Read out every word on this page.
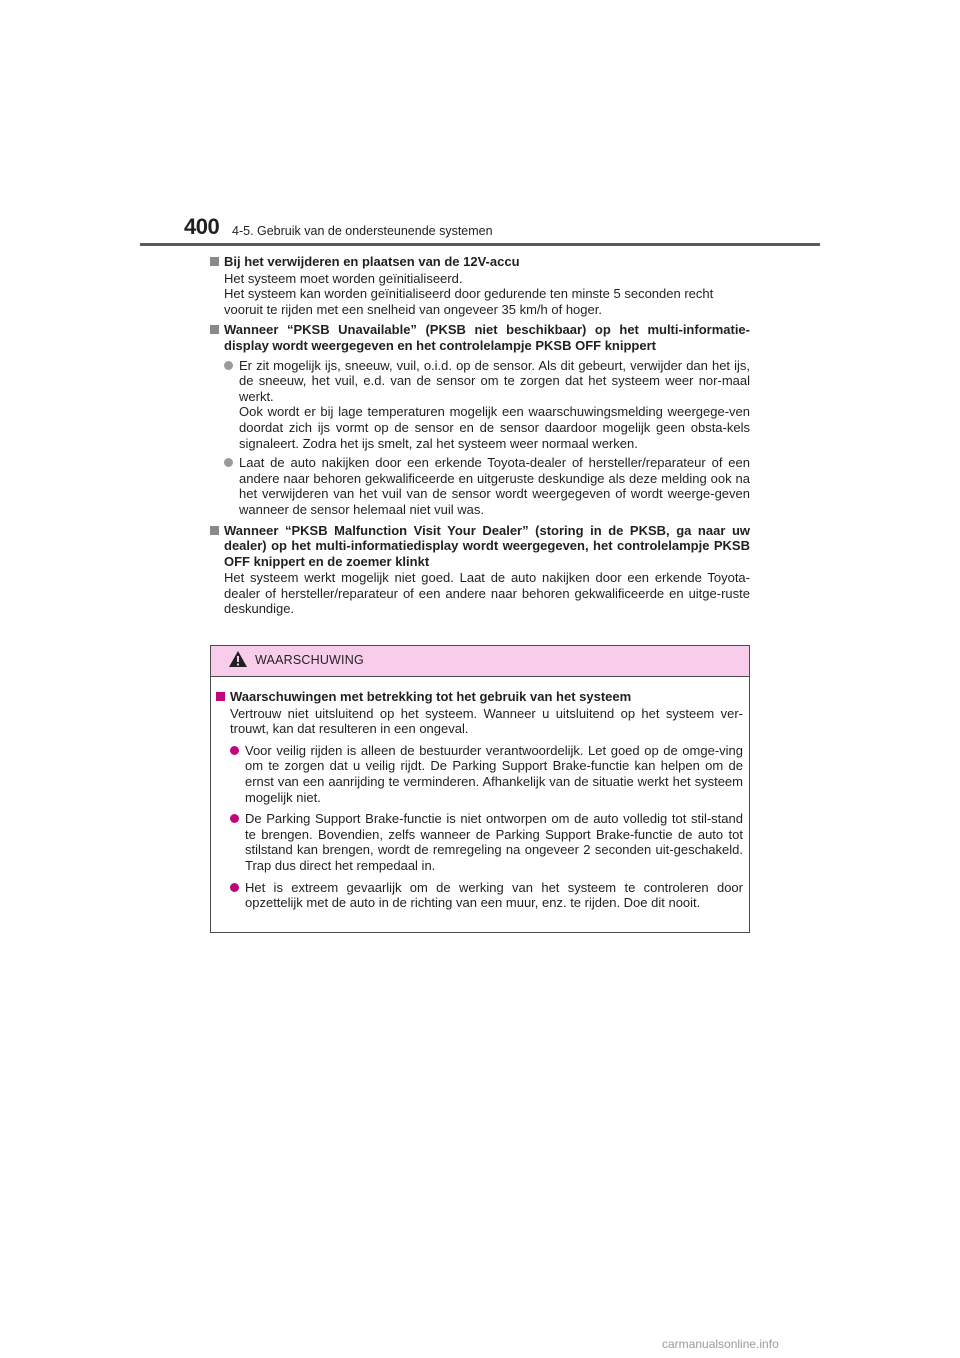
400 4-5. Gebruik van de ondersteunende systemen
Bij het verwijderen en plaatsen van de 12V-accu
Het systeem moet worden geïnitialiseerd.
Het systeem kan worden geïnitialiseerd door gedurende ten minste 5 seconden recht
vooruit te rijden met een snelheid van ongeveer 35 km/h of hoger.
Wanneer “PKSB Unavailable” (PKSB niet beschikbaar) op het multi-informatie-display wordt weergegeven en het controlelampje PKSB OFF knippert
Er zit mogelijk ijs, sneeuw, vuil, o.i.d. op de sensor. Als dit gebeurt, verwijder dan het ijs, de sneeuw, het vuil, e.d. van de sensor om te zorgen dat het systeem weer nor-maal werkt.
Ook wordt er bij lage temperaturen mogelijk een waarschuwingsmelding weergege-ven doordat zich ijs vormt op de sensor en de sensor daardoor mogelijk geen obsta-kels signaleert. Zodra het ijs smelt, zal het systeem weer normaal werken.
Laat de auto nakijken door een erkende Toyota-dealer of hersteller/reparateur of een andere naar behoren gekwalificeerde en uitgeruste deskundige als deze melding ook na het verwijderen van het vuil van de sensor wordt weergegeven of wordt weerge-geven wanneer de sensor helemaal niet vuil was.
Wanneer “PKSB Malfunction Visit Your Dealer” (storing in de PKSB, ga naar uw dealer) op het multi-informatiedisplay wordt weergegeven, het controlelampje PKSB OFF knippert en de zoemer klinkt
Het systeem werkt mogelijk niet goed. Laat de auto nakijken door een erkende Toyota-dealer of hersteller/reparateur of een andere naar behoren gekwalificeerde en uitge-ruste deskundige.
WAARSCHUWING
Waarschuwingen met betrekking tot het gebruik van het systeem
Vertrouw niet uitsluitend op het systeem. Wanneer u uitsluitend op het systeem ver-trouwt, kan dat resulteren in een ongeval.
Voor veilig rijden is alleen de bestuurder verantwoordelijk. Let goed op de omge-ving om te zorgen dat u veilig rijdt. De Parking Support Brake-functie kan helpen om de ernst van een aanrijding te verminderen. Afhankelijk van de situatie werkt het systeem mogelijk niet.
De Parking Support Brake-functie is niet ontworpen om de auto volledig tot stil-stand te brengen. Bovendien, zelfs wanneer de Parking Support Brake-functie de auto tot stilstand kan brengen, wordt de remregeling na ongeveer 2 seconden uit-geschakeld. Trap dus direct het rempedaal in.
Het is extreem gevaarlijk om de werking van het systeem te controleren door opzettelijk met de auto in de richting van een muur, enz. te rijden. Doe dit nooit.
carmanualsonline.info
